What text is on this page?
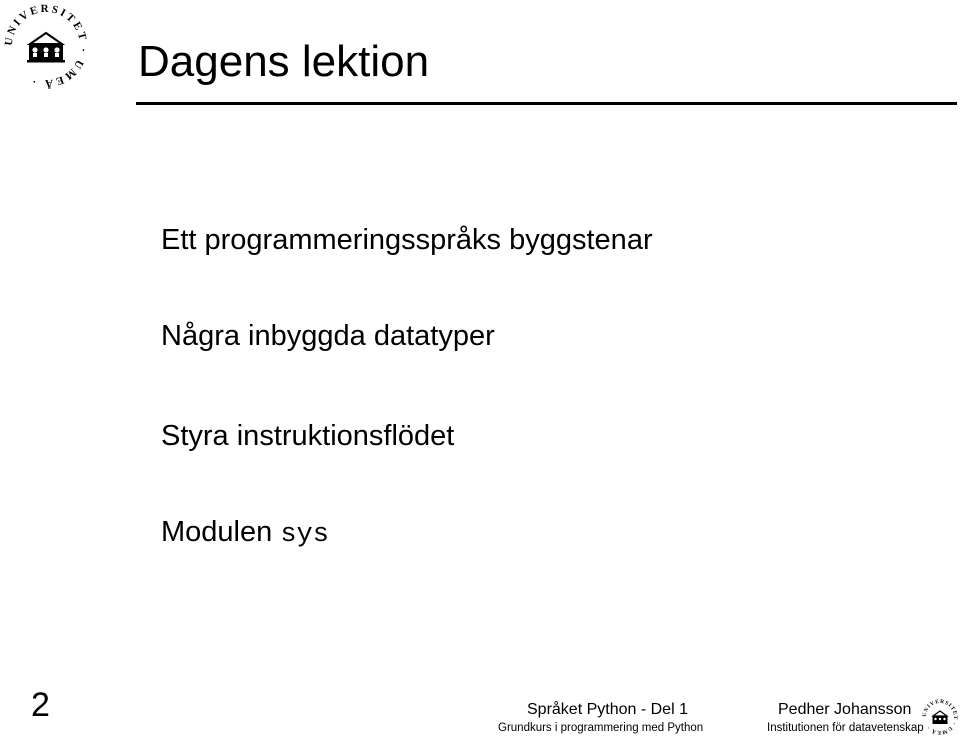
UNIVERSITET · UMEÅ ·	Dagens lektion
Ett programmeringsspråks byggstenar
Några inbyggda datatyper
Styra instruktionsflödet
Modulen sys
2	Språket Python - Del 1
Grundkurs i programmering med Python
Pedher Johansson
Institutionen för datavetenskap
UNIVERSITET · UMEÅ ·
